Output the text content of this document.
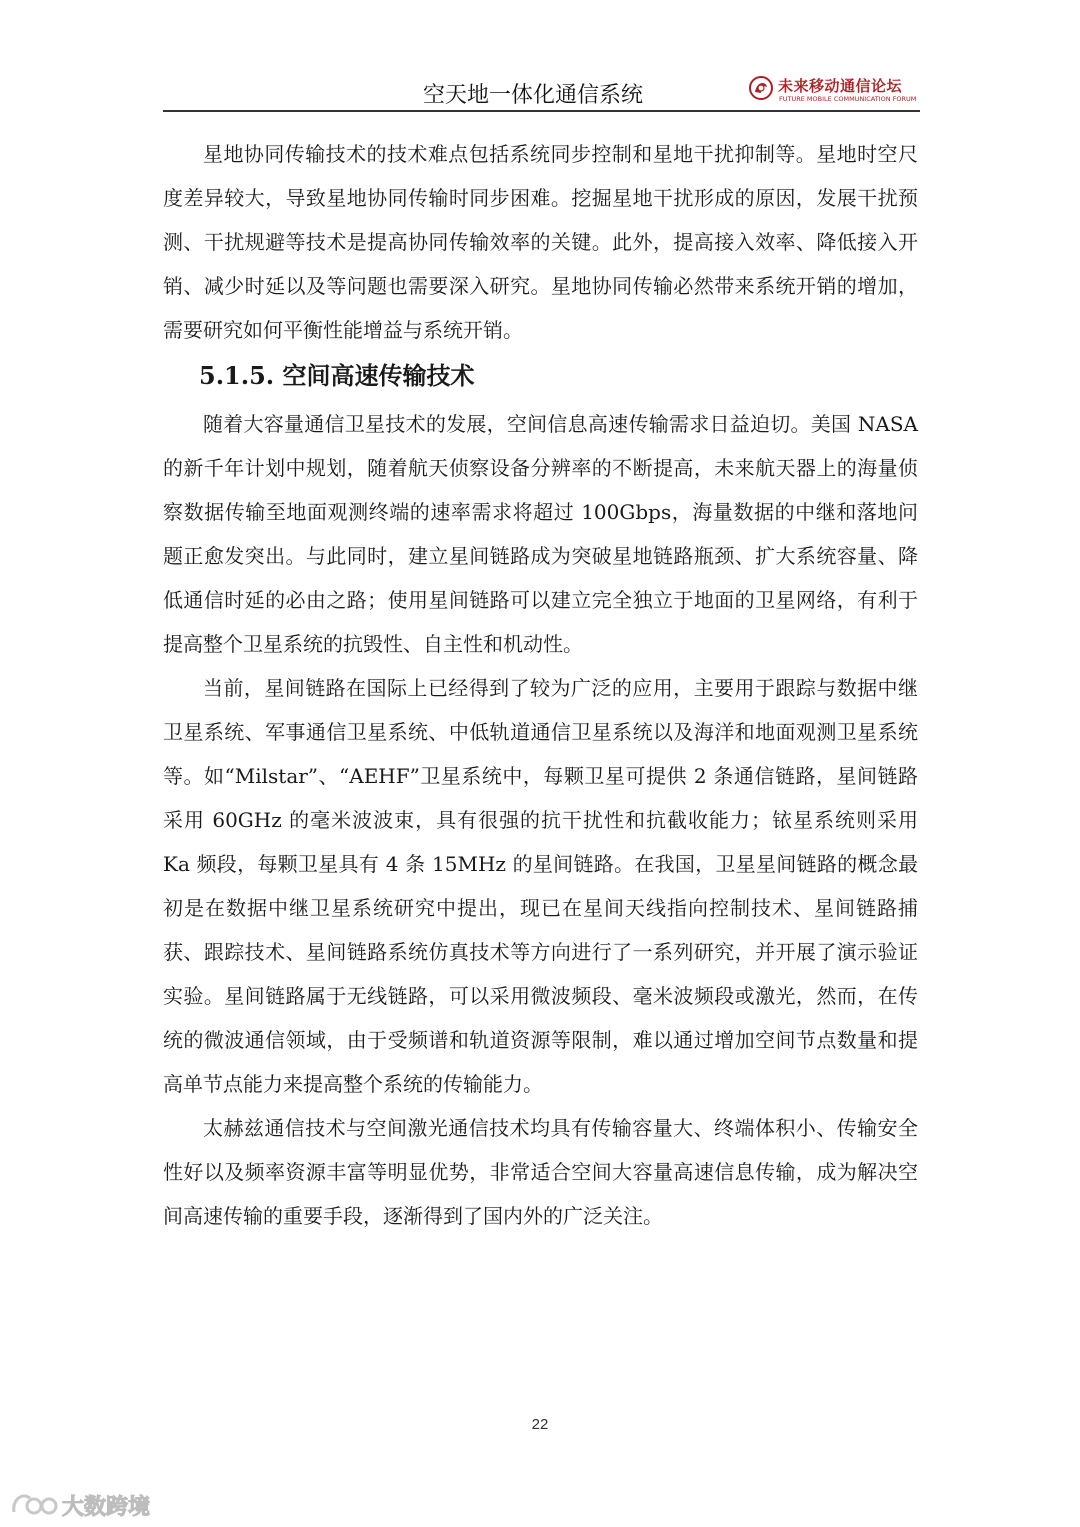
空天地一体化通信系统	未来移动通信论坛
FUTURE MOBILE COMMUNICATION FORUM

星地协同传输技术的技术难点包括系统同步控制和星地干扰抑制等。星地时空尺度差异较大，导致星地协同传输时同步困难。挖掘星地干扰形成的原因，发展干扰预测、干扰规避等技术是提高协同传输效率的关键。此外，提高接入效率、降低接入开销、减少时延以及等问题也需要深入研究。星地协同传输必然带来系统开销的增加，需要研究如何平衡性能增益与系统开销。

5.1.5. 空间高速传输技术

随着大容量通信卫星技术的发展，空间信息高速传输需求日益迫切。美国 NASA 的新千年计划中规划，随着航天侦察设备分辨率的不断提高，未来航天器上的海量侦察数据传输至地面观测终端的速率需求将超过 100Gbps，海量数据的中继和落地问题正愈发突出。与此同时，建立星间链路成为突破星地链路瓶颈、扩大系统容量、降低通信时延的必由之路；使用星间链路可以建立完全独立于地面的卫星网络，有利于提高整个卫星系统的抗毁性、自主性和机动性。

当前，星间链路在国际上已经得到了较为广泛的应用，主要用于跟踪与数据中继卫星系统、军事通信卫星系统、中低轨道通信卫星系统以及海洋和地面观测卫星系统等。如“Milstar”、“AEHF”卫星系统中，每颗卫星可提供 2 条通信链路，星间链路采用 60GHz 的毫米波波束，具有很强的抗干扰性和抗截收能力；铱星系统则采用 Ka 频段，每颗卫星具有 4 条 15MHz 的星间链路。在我国，卫星星间链路的概念最初是在数据中继卫星系统研究中提出，现已在星间天线指向控制技术、星间链路捕获、跟踪技术、星间链路系统仿真技术等方向进行了一系列研究，并开展了演示验证实验。星间链路属于无线链路，可以采用微波频段、毫米波频段或激光，然而，在传统的微波通信领域，由于受频谱和轨道资源等限制，难以通过增加空间节点数量和提高单节点能力来提高整个系统的传输能力。

太赫兹通信技术与空间激光通信技术均具有传输容量大、终端体积小、传输安全性好以及频率资源丰富等明显优势，非常适合空间大容量高速信息传输，成为解决空间高速传输的重要手段，逐渐得到了国内外的广泛关注。

22
大数跨境
